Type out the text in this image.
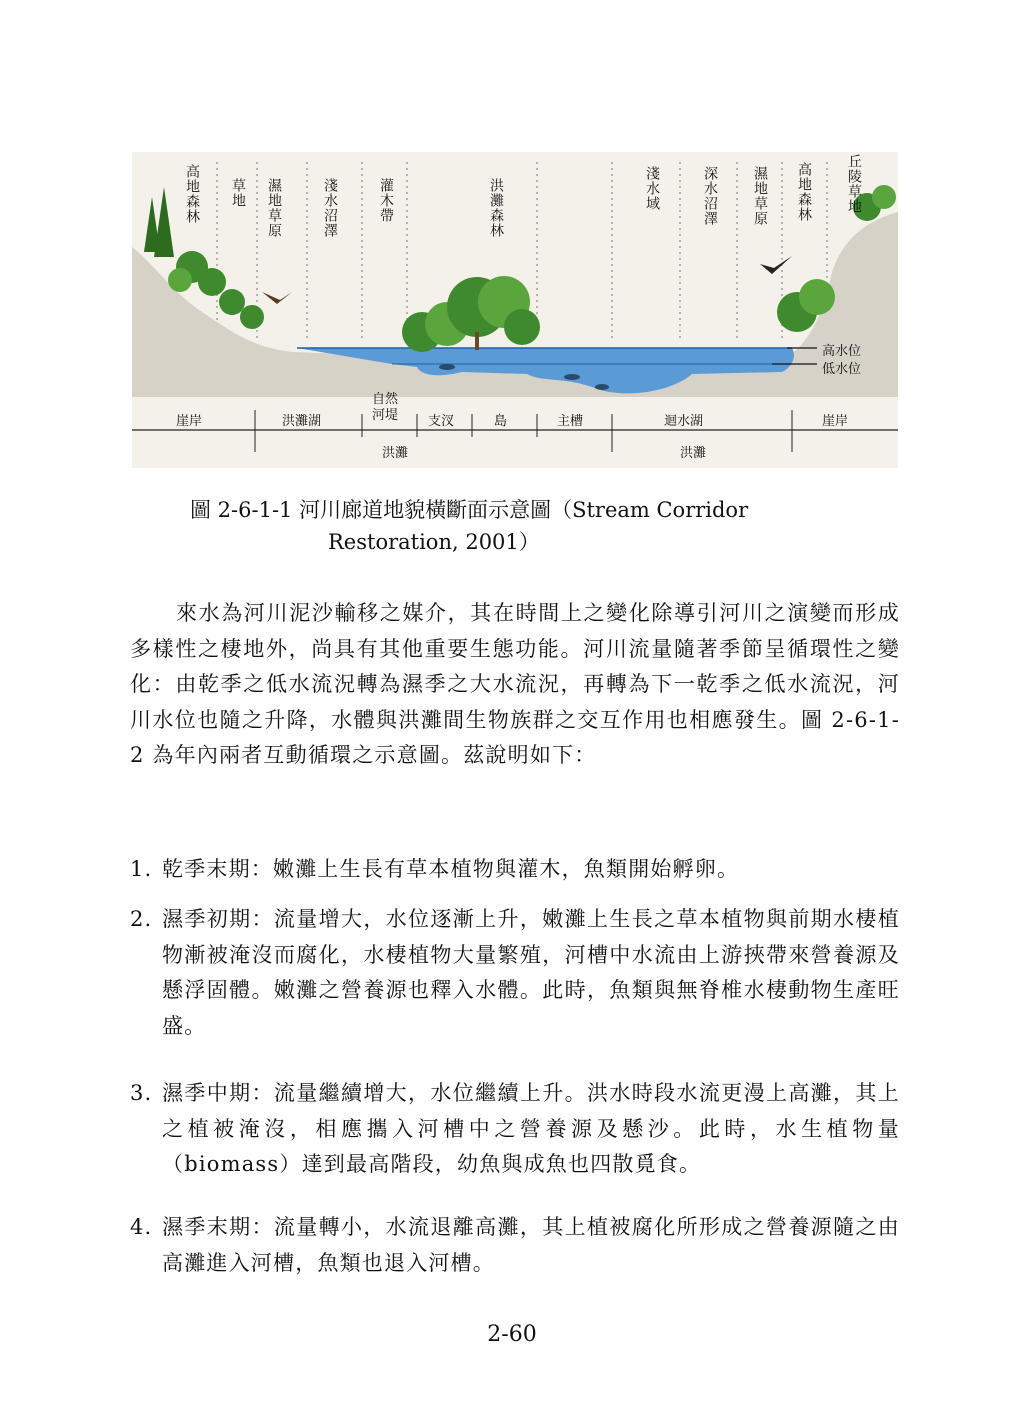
高地森林 草地 濕地草原	淺水沼澤	灌木帶	洪灘森林	淺水域	深水沼澤 濕地草原 高地森林 丘陵草地
高水位
低水位
崖岸	洪灘湖
自然河堤	支汊	島	主槽	迴水湖	崖岸
洪灘	洪灘
圖 2-6-1-1 河川廊道地貌橫斷面示意圖（Stream Corridor
Restoration, 2001）
來水為河川泥沙輸移之媒介，其在時間上之變化除導引河川之演變而形成多樣性之棲地外，尚具有其他重要生態功能。河川流量隨著季節呈循環性之變化：由乾季之低水流況轉為濕季之大水流況，再轉為下一乾季之低水流況，河川水位也隨之升降，水體與洪灘間生物族群之交互作用也相應發生。圖 2-6-1-2 為年內兩者互動循環之示意圖。茲說明如下：
1. 乾季末期：嫩灘上生長有草本植物與灌木，魚類開始孵卵。
2. 濕季初期：流量增大，水位逐漸上升，嫩灘上生長之草本植物與前期水棲植物漸被淹沒而腐化，水棲植物大量繁殖，河槽中水流由上游挾帶來營養源及懸浮固體。嫩灘之營養源也釋入水體。此時，魚類與無脊椎水棲動物生產旺盛。
3. 濕季中期：流量繼續增大，水位繼續上升。洪水時段水流更漫上高灘，其上之植被淹沒，相應攜入河槽中之營養源及懸沙。此時，水生植物量（biomass）達到最高階段，幼魚與成魚也四散覓食。
4. 濕季末期：流量轉小，水流退離高灘，其上植被腐化所形成之營養源隨之由高灘進入河槽，魚類也退入河槽。
2-60
